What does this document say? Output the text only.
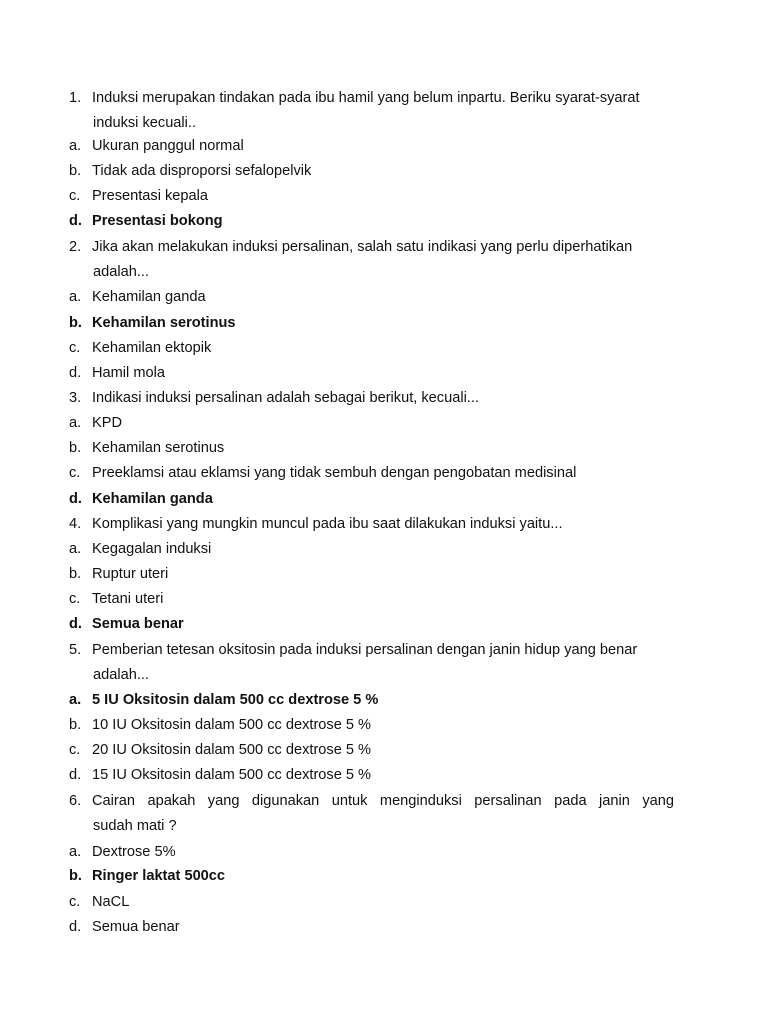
1. Induksi merupakan tindakan pada ibu hamil yang belum inpartu. Beriku syarat-syarat
induksi kecuali..
a. Ukuran panggul normal
b. Tidak ada disproporsi sefalopelvik
c. Presentasi kepala
d. Presentasi bokong
2. Jika akan melakukan induksi persalinan, salah satu indikasi yang perlu diperhatikan
adalah...
a. Kehamilan ganda
b. Kehamilan serotinus
c. Kehamilan ektopik
d. Hamil mola
3. Indikasi induksi persalinan adalah sebagai berikut, kecuali...
a. KPD
b. Kehamilan serotinus
c. Preeklamsi atau eklamsi yang tidak sembuh dengan pengobatan medisinal
d. Kehamilan ganda
4. Komplikasi yang mungkin muncul pada ibu saat dilakukan induksi yaitu...
a. Kegagalan induksi
b. Ruptur uteri
c. Tetani uteri
d. Semua benar
5. Pemberian tetesan oksitosin pada induksi persalinan dengan janin hidup yang benar
adalah...
a. 5 IU Oksitosin dalam 500 cc dextrose 5 %
b. 10 IU Oksitosin dalam 500 cc dextrose 5 %
c. 20 IU Oksitosin dalam 500 cc dextrose 5 %
d. 15 IU Oksitosin dalam 500 cc dextrose 5 %
6. Cairan apakah yang digunakan untuk menginduksi persalinan pada janin yang
sudah mati ?
a. Dextrose 5%
b. Ringer laktat 500cc
c. NaCL
d. Semua benar
